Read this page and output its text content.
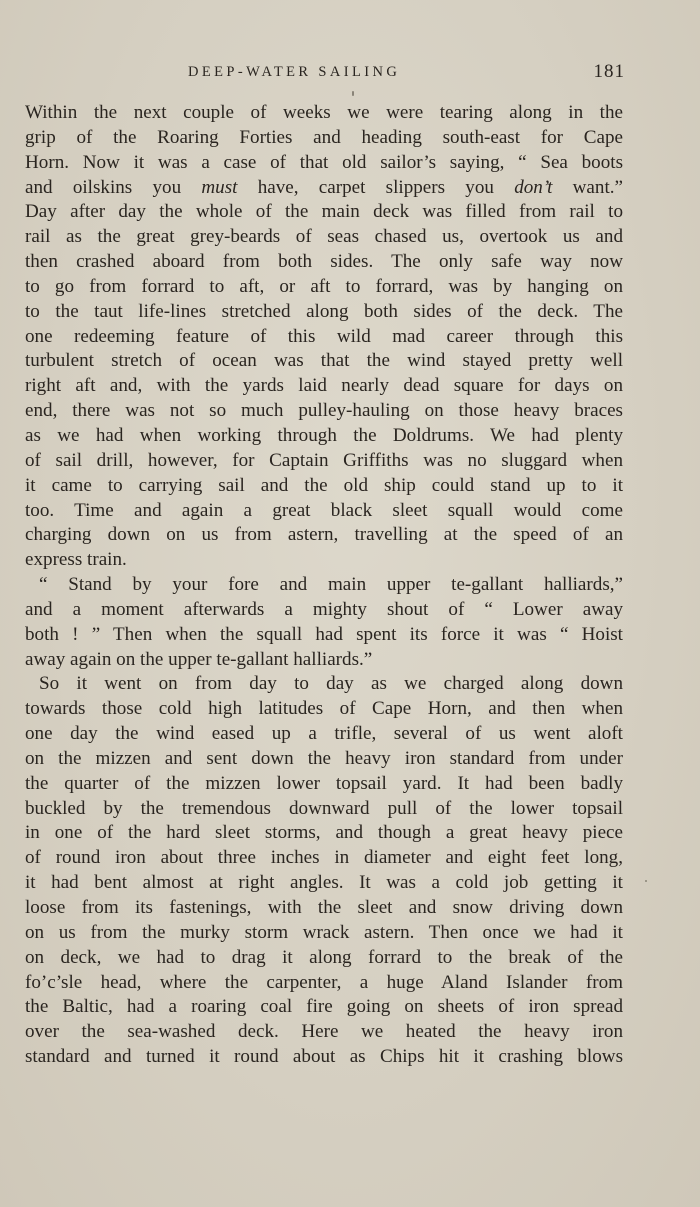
DEEP-WATER SAILING	181
Within the next couple of weeks we were tearing along in the
grip of the Roaring Forties and heading south-east for Cape
Horn. Now it was a case of that old sailor’s saying, “ Sea boots
and oilskins you must have, carpet slippers you don’t want.”
Day after day the whole of the main deck was filled from rail to
rail as the great grey-beards of seas chased us, overtook us and
then crashed aboard from both sides. The only safe way now
to go from forrard to aft, or aft to forrard, was by hanging on
to the taut life-lines stretched along both sides of the deck. The
one redeeming feature of this wild mad career through this
turbulent stretch of ocean was that the wind stayed pretty well
right aft and, with the yards laid nearly dead square for days on
end, there was not so much pulley-hauling on those heavy braces
as we had when working through the Doldrums. We had plenty
of sail drill, however, for Captain Griffiths was no sluggard when
it came to carrying sail and the old ship could stand up to it
too. Time and again a great black sleet squall would come
charging down on us from astern, travelling at the speed of an
express train.
“ Stand by your fore and main upper te-gallant halliards,”
and a moment afterwards a mighty shout of “ Lower away
both ! ” Then when the squall had spent its force it was “ Hoist
away again on the upper te-gallant halliards.”
So it went on from day to day as we charged along down
towards those cold high latitudes of Cape Horn, and then when
one day the wind eased up a trifle, several of us went aloft
on the mizzen and sent down the heavy iron standard from under
the quarter of the mizzen lower topsail yard. It had been badly
buckled by the tremendous downward pull of the lower topsail
in one of the hard sleet storms, and though a great heavy piece
of round iron about three inches in diameter and eight feet long,
it had bent almost at right angles. It was a cold job getting it
loose from its fastenings, with the sleet and snow driving down
on us from the murky storm wrack astern. Then once we had it
on deck, we had to drag it along forrard to the break of the
fo’c’sle head, where the carpenter, a huge Aland Islander from
the Baltic, had a roaring coal fire going on sheets of iron spread
over the sea-washed deck. Here we heated the heavy iron
standard and turned it round about as Chips hit it crashing blows
